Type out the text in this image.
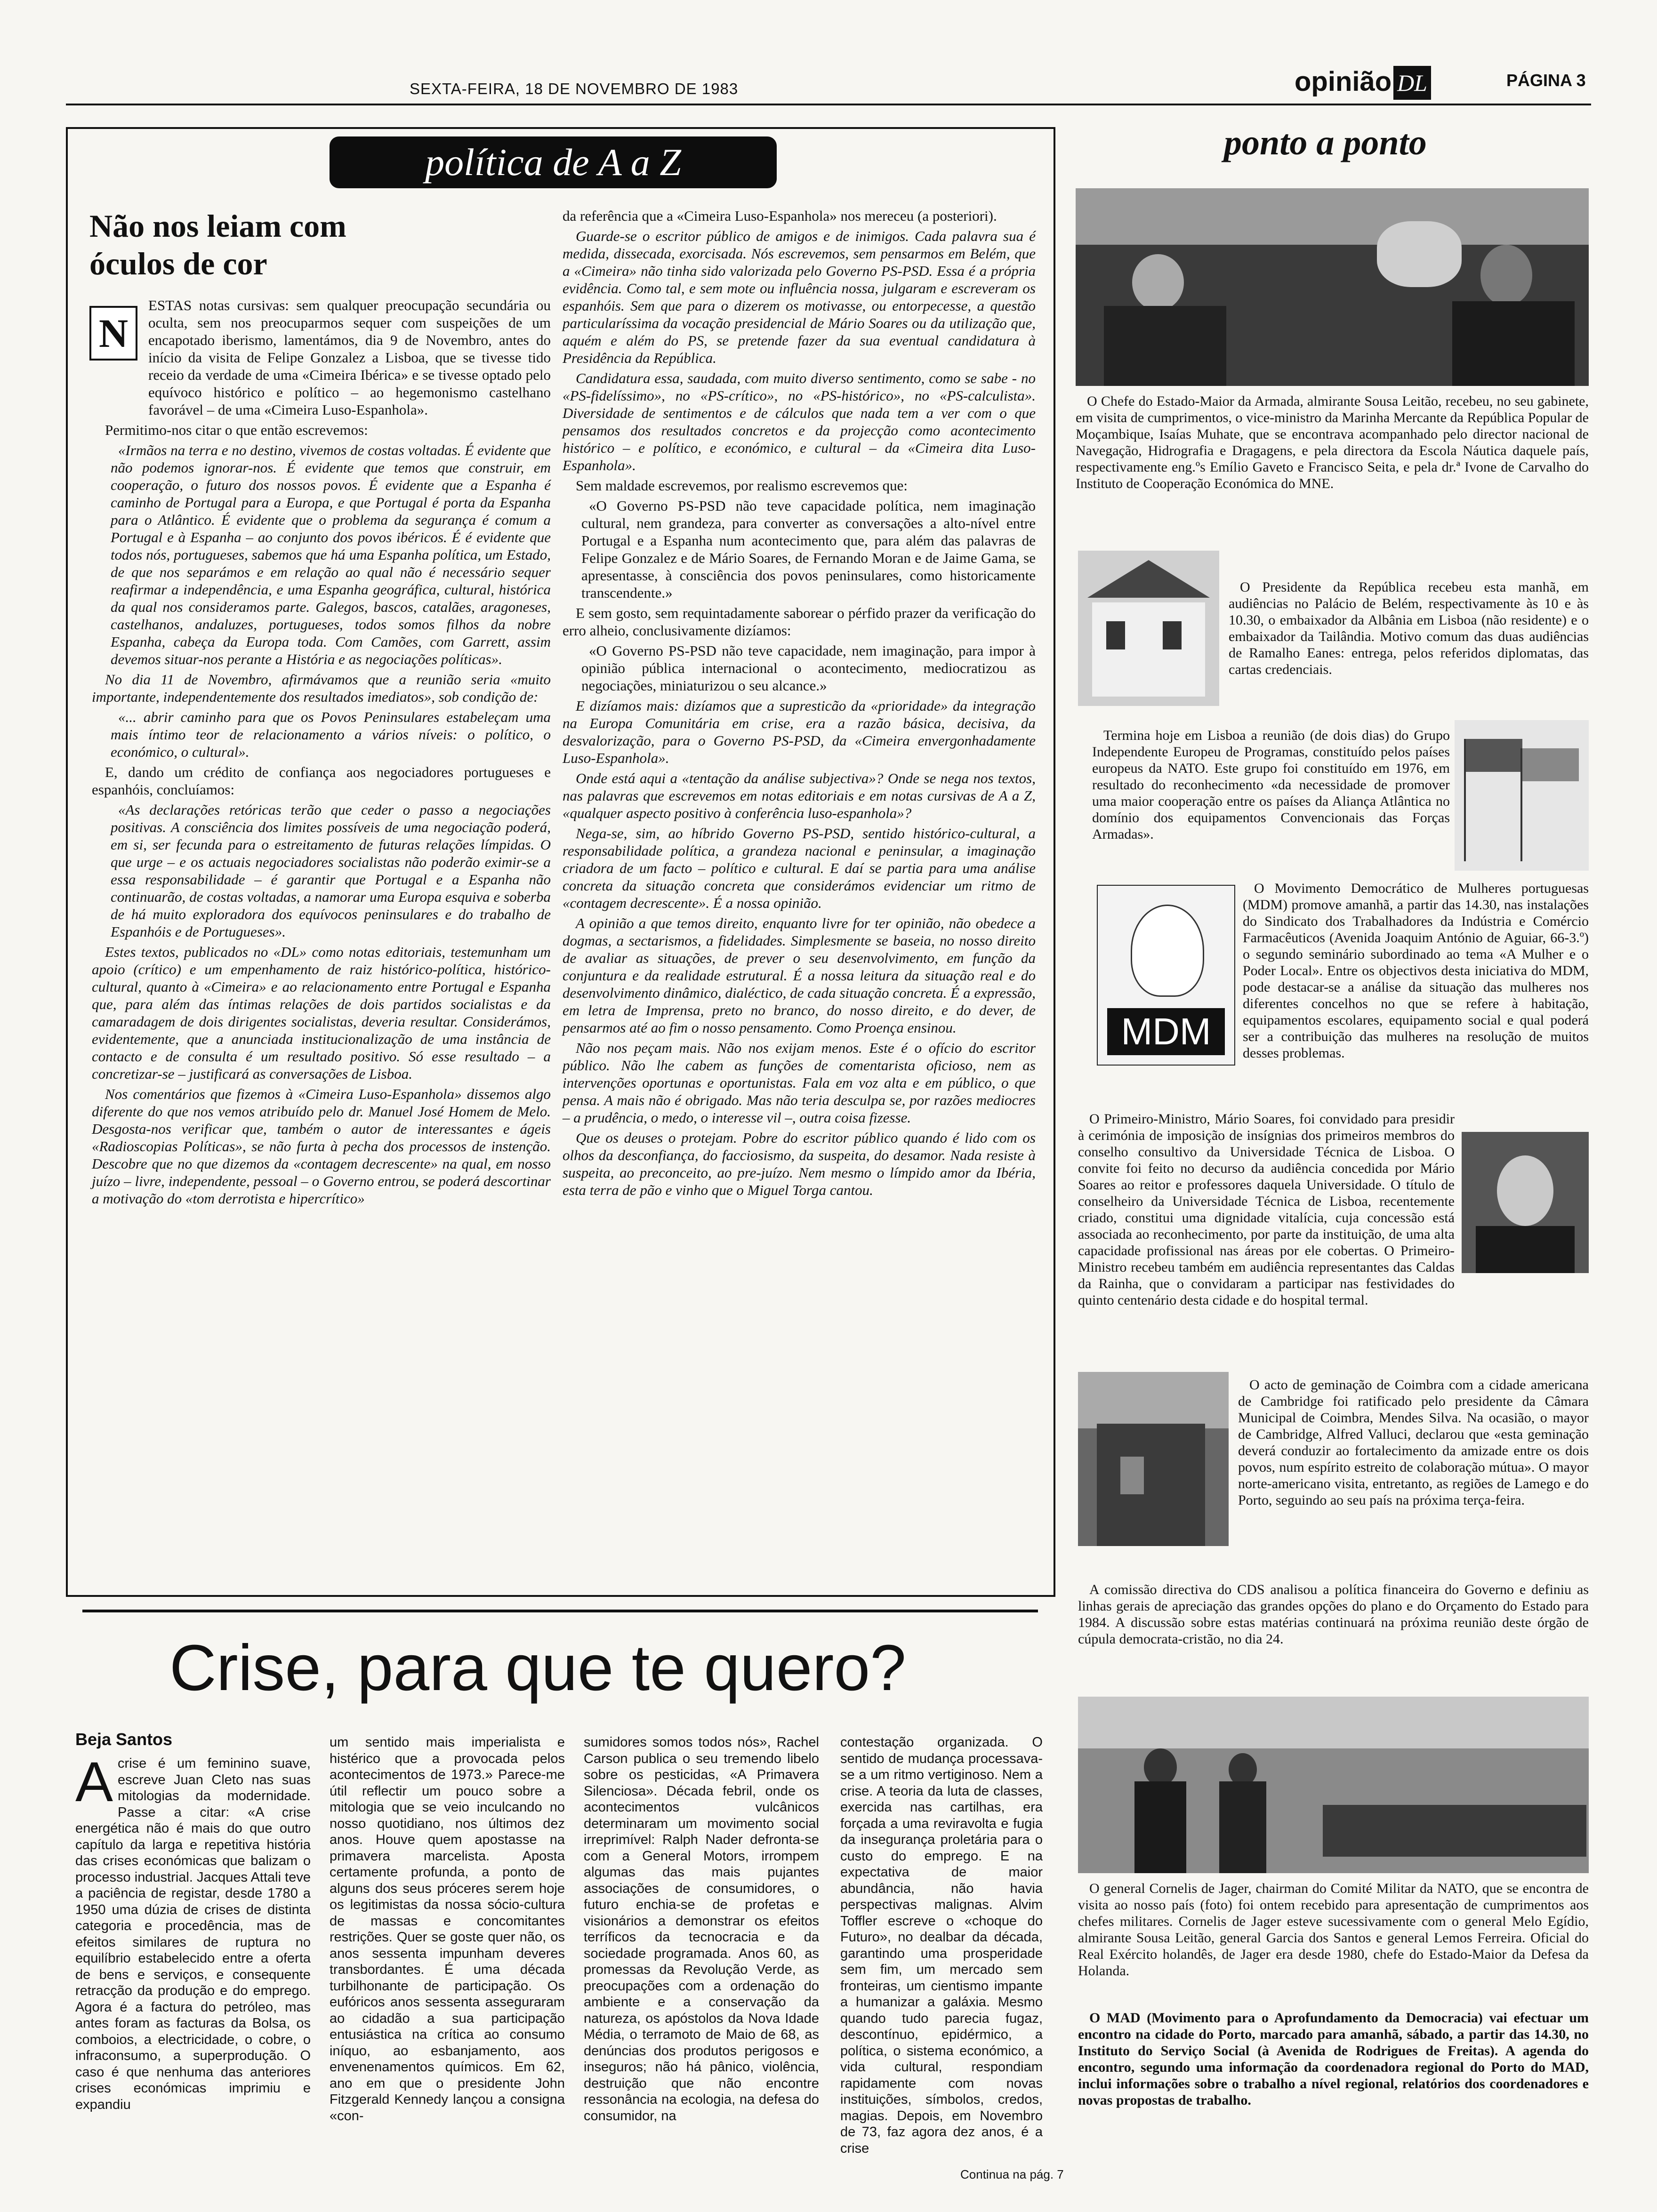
SEXTA-FEIRA, 18 DE NOVEMBRO DE 1983	opinião DL	PÁGINA 3
política de A a Z
Não nos leiam com óculos de cor
N

ESTAS notas cursivas: sem qualquer preocupação secundária ou oculta, sem nos preocuparmos sequer com suspeições de um encapotado iberismo, lamentámos, dia 9 de Novembro, antes do início da visita de Felipe Gonzalez a Lisboa, que se tivesse tido receio da verdade de uma «Cimeira Ibérica» e se tivesse optado pelo equívoco histórico e político – ao hegemonismo castelhano favorável – de uma «Cimeira Luso-Espanhola».

Permitimo-nos citar o que então escrevemos:

«Irmãos na terra e no destino, vivemos de costas voltadas. É evidente que não podemos ignorar-nos. É evidente que temos que construir, em cooperação, o futuro dos nossos povos. É evidente que a Espanha é caminho de Portugal para a Europa, e que Portugal é porta da Espanha para o Atlântico. É evidente que o problema da segurança é comum a Portugal e à Espanha – ao conjunto dos povos ibéricos. É é evidente que todos nós, portugueses, sabemos que há uma Espanha política, um Estado, de que nos separámos e em relação ao qual não é necessário sequer reafirmar a independência, e uma Espanha geográfica, cultural, histórica da qual nos consideramos parte. Galegos, bascos, catalães, aragoneses, castelhanos, andaluzes, portugueses, todos somos filhos da nobre Espanha, cabeça da Europa toda. Com Camões, com Garrett, assim devemos situar-nos perante a História e as negociações políticas».

No dia 11 de Novembro, afirmávamos que a reunião seria «muito importante, independentemente dos resultados imediatos», sob condição de:

«... abrir caminho para que os Povos Peninsulares estabeleçam uma mais íntimo teor de relacionamento a vários níveis: o político, o económico, o cultural».

E, dando um crédito de confiança aos negociadores portugueses e espanhóis, concluíamos:

«As declarações retóricas terão que ceder o passo a negociações positivas. A consciência dos limites possíveis de uma negociação poderá, em si, ser fecunda para o estreitamento de futuras relações límpidas. O que urge – e os actuais negociadores socialistas não poderão eximir-se a essa responsabilidade – é garantir que Portugal e a Espanha não continuarão, de costas voltadas, a namorar uma Europa esquiva e soberba de há muito exploradora dos equívocos peninsulares e do trabalho de Espanhóis e de Portugueses».

Estes textos, publicados no «DL» como notas editoriais, testemunham um apoio (crítico) e um empenhamento de raiz histórico-política, histórico-cultural, quanto à «Cimeira» e ao relacionamento entre Portugal e Espanha que, para além das íntimas relações de dois partidos socialistas e da camaradagem de dois dirigentes socialistas, deveria resultar. Considerámos, evidentemente, que a anunciada institucionalização de uma instância de contacto e de consulta é um resultado positivo. Só esse resultado – a concretizar-se – justificará as conversações de Lisboa.

Nos comentários que fizemos à «Cimeira Luso-Espanhola» dissemos algo diferente do que nos vemos atribuído pelo dr. Manuel José Homem de Melo. Desgosta-nos verificar que, também o autor de interessantes e ágeis «Radioscopias Políticas», se não furta à pecha dos processos de instenção. Descobre que no que dizemos da «contagem decrescente» na qual, em nosso juízo – livre, independente, pessoal – o Governo entrou, se poderá descortinar a motivação do «tom derrotista e hipercrítico»

da referência que a «Cimeira Luso-Espanhola» nos mereceu (a posteriori).

Guarde-se o escritor público de amigos e de inimigos. Cada palavra sua é medida, dissecada, exorcisada. Nós escrevemos, sem pensarmos em Belém, que a «Cimeira» não tinha sido valorizada pelo Governo PS-PSD. Essa é a própria evidência. Como tal, e sem mote ou influência nossa, julgaram e escreveram os espanhóis. Sem que para o dizerem os motivasse, ou entorpecesse, a questão particularíssima da vocação presidencial de Mário Soares ou da utilização que, aquém e além do PS, se pretende fazer da sua eventual candidatura à Presidência da República.

Candidatura essa, saudada, com muito diverso sentimento, como se sabe - no «PS-fidelíssimo», no «PS-crítico», no «PS-histórico», no «PS-calculista». Diversidade de sentimentos e de cálculos que nada tem a ver com o que pensamos dos resultados concretos e da projecção como acontecimento histórico – e político, e económico, e cultural – da «Cimeira dita Luso-Espanhola».

Sem maldade escrevemos, por realismo escrevemos que:

«O Governo PS-PSD não teve capacidade política, nem imaginação cultural, nem grandeza, para converter as conversações a alto-nível entre Portugal e a Espanha num acontecimento que, para além das palavras de Felipe Gonzalez e de Mário Soares, de Fernando Moran e de Jaime Gama, se apresentasse, à consciência dos povos peninsulares, como historicamente transcendente.»

E sem gosto, sem requintadamente saborear o pérfido prazer da verificação do erro alheio, conclusivamente dizíamos:

«O Governo PS-PSD não teve capacidade, nem imaginação, para impor à opinião pública internacional o acontecimento, mediocratizou as negociações, miniaturizou o seu alcance.»

E dizíamos mais: dizíamos que a supresticão da «prioridade» da integração na Europa Comunitária em crise, era a razão básica, decisiva, da desvalorização, para o Governo PS-PSD, da «Cimeira envergonhadamente Luso-Espanhola».

Onde está aqui a «tentação da análise subjectiva»? Onde se nega nos textos, nas palavras que escrevemos em notas editoriais e em notas cursivas de A a Z, «qualquer aspecto positivo à conferência luso-espanhola»?

Nega-se, sim, ao híbrido Governo PS-PSD, sentido histórico-cultural, a responsabilidade política, a grandeza nacional e peninsular, a imaginação criadora de um facto – político e cultural. E daí se partia para uma análise concreta da situação concreta que considerámos evidenciar um ritmo de «contagem decrescente». É a nossa opinião.

A opinião a que temos direito, enquanto livre for ter opinião, não obedece a dogmas, a sectarismos, a fidelidades. Simplesmente se baseia, no nosso direito de avaliar as situações, de prever o seu desenvolvimento, em função da conjuntura e da realidade estrutural. É a nossa leitura da situação real e do desenvolvimento dinâmico, dialéctico, de cada situação concreta. É a expressão, em letra de Imprensa, preto no branco, do nosso direito, e do dever, de pensarmos até ao fim o nosso pensamento. Como Proença ensinou.

Não nos peçam mais. Não nos exijam menos. Este é o ofício do escritor público. Não lhe cabem as funções de comentarista oficioso, nem as intervenções oportunas e oportunistas. Fala em voz alta e em público, o que pensa. A mais não é obrigado. Mas não teria desculpa se, por razões mediocres – a prudência, o medo, o interesse vil –, outra coisa fizesse.

Que os deuses o protejam. Pobre do escritor público quando é lido com os olhos da desconfiança, do facciosismo, da suspeita, do desamor. Nada resiste à suspeita, ao preconceito, ao pre-juízo. Nem mesmo o límpido amor da Ibéria, esta terra de pão e vinho que o Miguel Torga cantou.

ponto a ponto

O Chefe do Estado-Maior da Armada, almirante Sousa Leitão, recebeu, no seu gabinete, em visita de cumprimentos, o vice-ministro da Marinha Mercante da República Popular de Moçambique, Isaías Muhate, que se encontrava acompanhado pelo director nacional de Navegação, Hidrografia e Dragagens, e pela directora da Escola Náutica daquele país, respectivamente eng.ºs Emílio Gaveto e Francisco Seita, e pela dr.ª Ivone de Carvalho do Instituto de Cooperação Económica do MNE.

O Presidente da República recebeu esta manhã, em audiências no Palácio de Belém, respectivamente às 10 e às 10.30, o embaixador da Albânia em Lisboa (não residente) e o embaixador da Tailândia. Motivo comum das duas audiências de Ramalho Eanes: entrega, pelos referidos diplomatas, das cartas credenciais.

Termina hoje em Lisboa a reunião (de dois dias) do Grupo Independente Europeu de Programas, constituído pelos países europeus da NATO. Este grupo foi constituído em 1976, em resultado do reconhecimento «da necessidade de promover uma maior cooperação entre os países da Aliança Atlântica no domínio dos equipamentos Convencionais das Forças Armadas».

MDM

O Movimento Democrático de Mulheres portuguesas (MDM) promove amanhã, a partir das 14.30, nas instalações do Sindicato dos Trabalhadores da Indústria e Comércio Farmacêuticos (Avenida Joaquim António de Aguiar, 66-3.º) o segundo seminário subordinado ao tema «A Mulher e o Poder Local». Entre os objectivos desta iniciativa do MDM, pode destacar-se a análise da situação das mulheres nos diferentes concelhos no que se refere à habitação, equipamentos escolares, equipamento social e qual poderá ser a contribuição das mulheres na resolução de muitos desses problemas.

O Primeiro-Ministro, Mário Soares, foi convidado para presidir à cerimónia de imposição de insígnias dos primeiros membros do conselho consultivo da Universidade Técnica de Lisboa. O convite foi feito no decurso da audiência concedida por Mário Soares ao reitor e professores daquela Universidade. O título de conselheiro da Universidade Técnica de Lisboa, recentemente criado, constitui uma dignidade vitalícia, cuja concessão está associada ao reconhecimento, por parte da instituição, de uma alta capacidade profissional nas áreas por ele cobertas. O Primeiro-Ministro recebeu também em audiência representantes das Caldas da Rainha, que o convidaram a participar nas festividades do quinto centenário desta cidade e do hospital termal.

O acto de geminação de Coimbra com a cidade americana de Cambridge foi ratificado pelo presidente da Câmara Municipal de Coimbra, Mendes Silva. Na ocasião, o mayor de Cambridge, Alfred Valluci, declarou que «esta geminação deverá conduzir ao fortalecimento da amizade entre os dois povos, num espírito estreito de colaboração mútua». O mayor norte-americano visita, entretanto, as regiões de Lamego e do Porto, seguindo ao seu país na próxima terça-feira.

A comissão directiva do CDS analisou a política financeira do Governo e definiu as linhas gerais de apreciação das grandes opções do plano e do Orçamento do Estado para 1984. A discussão sobre estas matérias continuará na próxima reunião deste órgão de cúpula democrata-cristão, no dia 24.

O general Cornelis de Jager, chairman do Comité Militar da NATO, que se encontra de visita ao nosso país (foto) foi ontem recebido para apresentação de cumprimentos aos chefes militares. Cornelis de Jager esteve sucessivamente com o general Melo Egídio, almirante Sousa Leitão, general Garcia dos Santos e general Lemos Ferreira. Oficial do Real Exército holandês, de Jager era desde 1980, chefe do Estado-Maior da Defesa da Holanda.

O MAD (Movimento para o Aprofundamento da Democracia) vai efectuar um encontro na cidade do Porto, marcado para amanhã, sábado, a partir das 14.30, no Instituto do Serviço Social (à Avenida de Rodrigues de Freitas). A agenda do encontro, segundo uma informação da coordenadora regional do Porto do MAD, inclui informações sobre o trabalho a nível regional, relatórios dos coordenadores e novas propostas de trabalho.

Crise, para que te quero?
Beja Santos
A crise é um feminino suave, escreve Juan Cleto nas suas mitologias da modernidade. Passe a citar: «A crise energética não é mais do que outro capítulo da larga e repetitiva história das crises económicas que balizam o processo industrial. Jacques Attali teve a paciência de registar, desde 1780 a 1950 uma dúzia de crises de distinta categoria e procedência, mas de efeitos similares de ruptura no equilíbrio estabelecido entre a oferta de bens e serviços, e consequente retracção da produção e do emprego. Agora é a factura do petróleo, mas antes foram as facturas da Bolsa, os comboios, a electricidade, o cobre, o infraconsumo, a superprodução. O caso é que nenhuma das anteriores crises económicas imprimiu e expandiu

um sentido mais imperialista e histérico que a provocada pelos acontecimentos de 1973.» Parece-me útil reflectir um pouco sobre a mitologia que se veio inculcando no nosso quotidiano, nos últimos dez anos. Houve quem apostasse na primavera marcelista. Aposta certamente profunda, a ponto de alguns dos seus próceres serem hoje os legitimistas da nossa sócio-cultura de massas e concomitantes restrições. Quer se goste quer não, os anos sessenta impunham deveres transbordantes. É uma década turbilhonante de participação. Os eufóricos anos sessenta asseguraram ao cidadão a sua participação entusiástica na crítica ao consumo iníquo, ao esbanjamento, aos envenenamentos químicos. Em 62, ano em que o presidente John Fitzgerald Kennedy lançou a consigna «con-

sumidores somos todos nós», Rachel Carson publica o seu tremendo libelo sobre os pesticidas, «A Primavera Silenciosa». Década febril, onde os acontecimentos vulcânicos determinaram um movimento social irreprimível: Ralph Nader defronta-se com a General Motors, irrompem algumas das mais pujantes associações de consumidores, o futuro enchia-se de profetas e visionários a demonstrar os efeitos terríficos da tecnocracia e da sociedade programada. Anos 60, as promessas da Revolução Verde, as preocupações com a ordenação do ambiente e a conservação da natureza, os apóstolos da Nova Idade Média, o terramoto de Maio de 68, as denúncias dos produtos perigosos e inseguros; não há pânico, violência, destruição que não encontre ressonância na ecologia, na defesa do consumidor, na

contestação organizada. O sentido de mudança processava-se a um ritmo vertiginoso. Nem a crise. A teoria da luta de classes, exercida nas cartilhas, era forçada a uma reviravolta e fugia da insegurança proletária para o custo do emprego. E na expectativa de maior abundância, não havia perspectivas malignas. Alvim Toffler escreve o «choque do Futuro», no dealbar da década, garantindo uma prosperidade sem fim, um mercado sem fronteiras, um cientismo impante a humanizar a galáxia. Mesmo quando tudo parecia fugaz, descontínuo, epidérmico, a política, o sistema económico, a vida cultural, respondiam rapidamente com novas instituições, símbolos, credos, magias. Depois, em Novembro de 73, faz agora dez anos, é a crise

Continua na pág. 7
